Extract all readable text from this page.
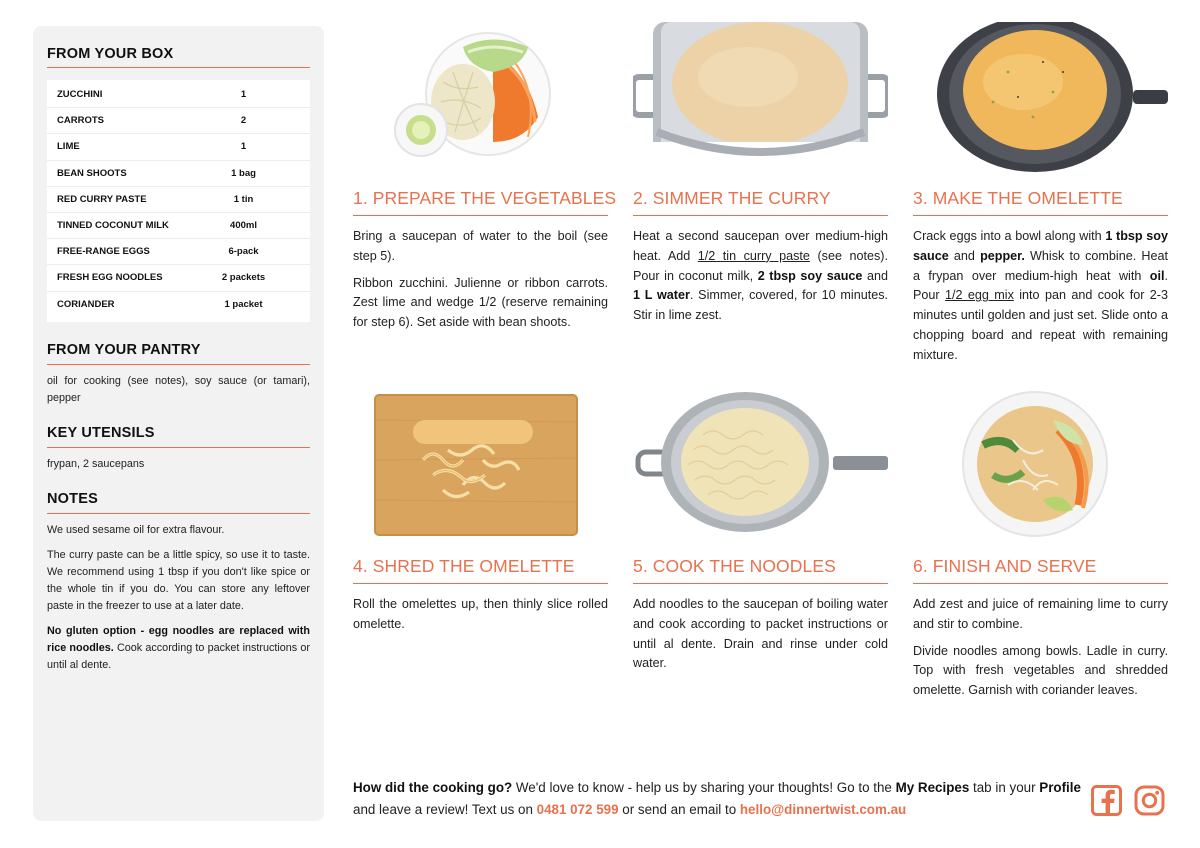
FROM YOUR BOX
ZUCCHINI	1
CARROTS	2
LIME	1
BEAN SHOOTS	1 bag
RED CURRY PASTE	1 tin
TINNED COCONUT MILK	400ml
FREE-RANGE EGGS	6-pack
FRESH EGG NOODLES	2 packets
CORIANDER	1 packet
FROM YOUR PANTRY
oil for cooking (see notes), soy sauce (or tamari), pepper
KEY UTENSILS
frypan, 2 saucepans
NOTES
We used sesame oil for extra flavour.
The curry paste can be a little spicy, so use it to taste. We recommend using 1 tbsp if you don't like spice or the whole tin if you do. You can store any leftover paste in the freezer to use at a later date.
No gluten option - egg noodles are replaced with rice noodles. Cook according to packet instructions or until al dente.
1. PREPARE THE VEGETABLES

Bring a saucepan of water to the boil (see step 5).

Ribbon zucchini. Julienne or ribbon carrots. Zest lime and wedge 1/2 (reserve remaining for step 6). Set aside with bean shoots.

2. SIMMER THE CURRY

Heat a second saucepan over medium-high heat. Add 1/2 tin curry paste (see notes). Pour in coconut milk, 2 tbsp soy sauce and 1 L water. Simmer, covered, for 10 minutes. Stir in lime zest.

3. MAKE THE OMELETTE

Crack eggs into a bowl along with 1 tbsp soy sauce and pepper. Whisk to combine. Heat a frypan over medium-high heat with oil. Pour 1/2 egg mix into pan and cook for 2-3 minutes until golden and just set. Slide onto a chopping board and repeat with remaining mixture.

4. SHRED THE OMELETTE

Roll the omelettes up, then thinly slice rolled omelette.

5. COOK THE NOODLES

Add noodles to the saucepan of boiling water and cook according to packet instructions or until al dente. Drain and rinse under cold water.

6. FINISH AND SERVE

Add zest and juice of remaining lime to curry and stir to combine.

Divide noodles among bowls. Ladle in curry. Top with fresh vegetables and shredded omelette. Garnish with coriander leaves.

How did the cooking go? We'd love to know - help us by sharing your thoughts! Go to the My Recipes tab in your Profile and leave a review! Text us on 0481 072 599 or send an email to hello@dinnertwist.com.au
